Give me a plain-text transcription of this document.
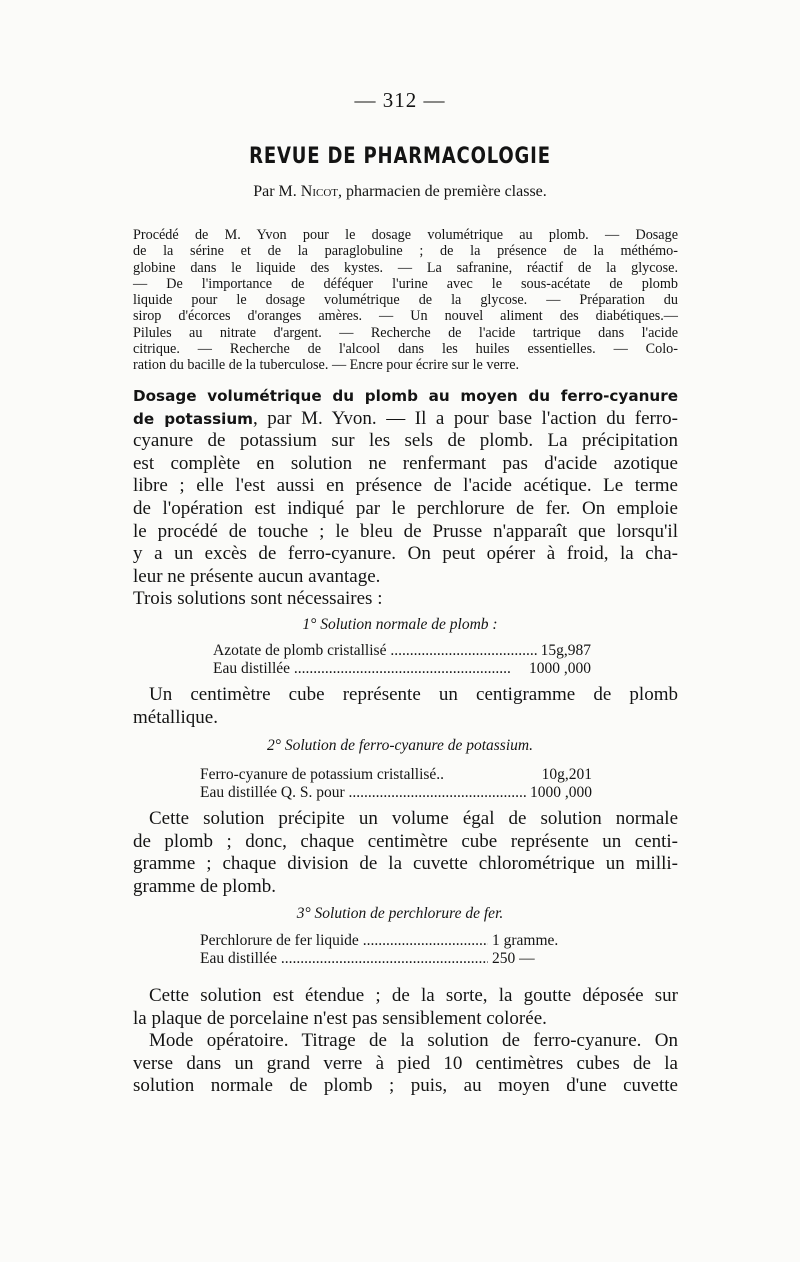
— 312 —
REVUE DE PHARMACOLOGIE
Par M. Nicot, pharmacien de première classe.
Procédé de M. Yvon pour le dosage volumétrique au plomb. — Dosage
de la sérine et de la paraglobuline ; de la présence de la méthémo-
globine dans le liquide des kystes. — La safranine, réactif de la glycose.
— De l'importance de déféquer l'urine avec le sous-acétate de plomb
liquide pour le dosage volumétrique de la glycose. — Préparation du
sirop d'écorces d'oranges amères. — Un nouvel aliment des diabétiques.—
Pilules au nitrate d'argent. — Recherche de l'acide tartrique dans l'acide
citrique. — Recherche de l'alcool dans les huiles essentielles. — Colo-
ration du bacille de la tuberculose. — Encre pour écrire sur le verre.
Dosage volumétrique du plomb au moyen du ferro-cyanure
de potassium, par M. Yvon. — Il a pour base l'action du ferro-
cyanure de potassium sur les sels de plomb. La précipitation
est complète en solution ne renfermant pas d'acide azotique
libre ; elle l'est aussi en présence de l'acide acétique. Le terme
de l'opération est indiqué par le perchlorure de fer. On emploie
le procédé de touche ; le bleu de Prusse n'apparaît que lorsqu'il
y a un excès de ferro-cyanure. On peut opérer à froid, la cha-
leur ne présente aucun avantage.
Trois solutions sont nécessaires :
1° Solution normale de plomb :
Azotate de plomb cristallisé .....	15g,987
Eau distillée .....	1000 ,000
Un centimètre cube représente un centigramme de plomb
métallique.
2° Solution de ferro-cyanure de potassium.
Ferro-cyanure de potassium cristallisé..	10g,201
Eau distillée Q. S. pour .....	1000 ,000
Cette solution précipite un volume égal de solution normale
de plomb ; donc, chaque centimètre cube représente un centi-
gramme ; chaque division de la cuvette chlorométrique un milli-
gramme de plomb.
3° Solution de perchlorure de fer.
Perchlorure de fer liquide .....	1 gramme.
Eau distillée .....	250 —
Cette solution est étendue ; de la sorte, la goutte déposée sur
la plaque de porcelaine n'est pas sensiblement colorée.
Mode opératoire. Titrage de la solution de ferro-cyanure. On
verse dans un grand verre à pied 10 centimètres cubes de la
solution normale de plomb ; puis, au moyen d'une cuvette
